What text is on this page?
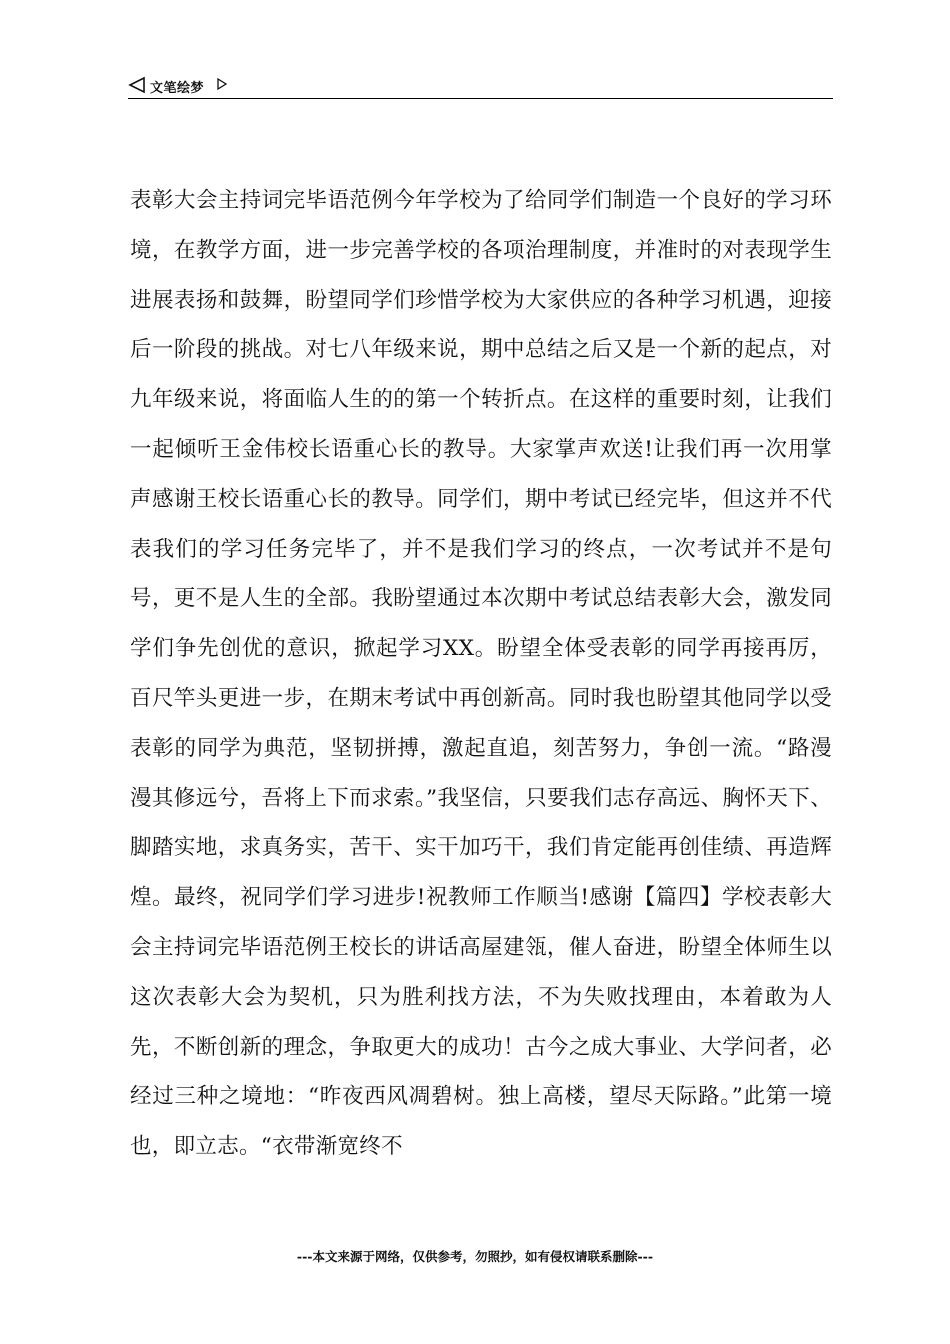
文笔绘梦

表彰大会主持词完毕语范例今年学校为了给同学们制造一个良好的学习环境，在教学方面，进一步完善学校的各项治理制度，并准时的对表现学生进展表扬和鼓舞，盼望同学们珍惜学校为大家供应的各种学习机遇，迎接后一阶段的挑战。对七八年级来说，期中总结之后又是一个新的起点，对九年级来说，将面临人生的的第一个转折点。在这样的重要时刻，让我们一起倾听王金伟校长语重心长的教导。大家掌声欢送!让我们再一次用掌声感谢王校长语重心长的教导。同学们，期中考试已经完毕，但这并不代表我们的学习任务完毕了，并不是我们学习的终点，一次考试并不是句号，更不是人生的全部。我盼望通过本次期中考试总结表彰大会，激发同学们争先创优的意识，掀起学习XX。盼望全体受表彰的同学再接再厉，百尺竿头更进一步，在期末考试中再创新高。同时我也盼望其他同学以受表彰的同学为典范，坚韧拼搏，激起直追，刻苦努力，争创一流。“路漫漫其修远兮，吾将上下而求索。”我坚信，只要我们志存高远、胸怀天下、脚踏实地，求真务实，苦干、实干加巧干，我们肯定能再创佳绩、再造辉煌。最终，祝同学们学习进步!祝教师工作顺当!感谢【篇四】学校表彰大会主持词完毕语范例王校长的讲话高屋建瓴，催人奋进，盼望全体师生以这次表彰大会为契机，只为胜利找方法，不为失败找理由，本着敢为人先，不断创新的理念，争取更大的成功！古今之成大事业、大学问者，必经过三种之境地：“昨夜西风凋碧树。独上高楼，望尽天际路。”此第一境也，即立志。“衣带渐宽终不

---本文来源于网络，仅供参考，勿照抄，如有侵权请联系删除---
